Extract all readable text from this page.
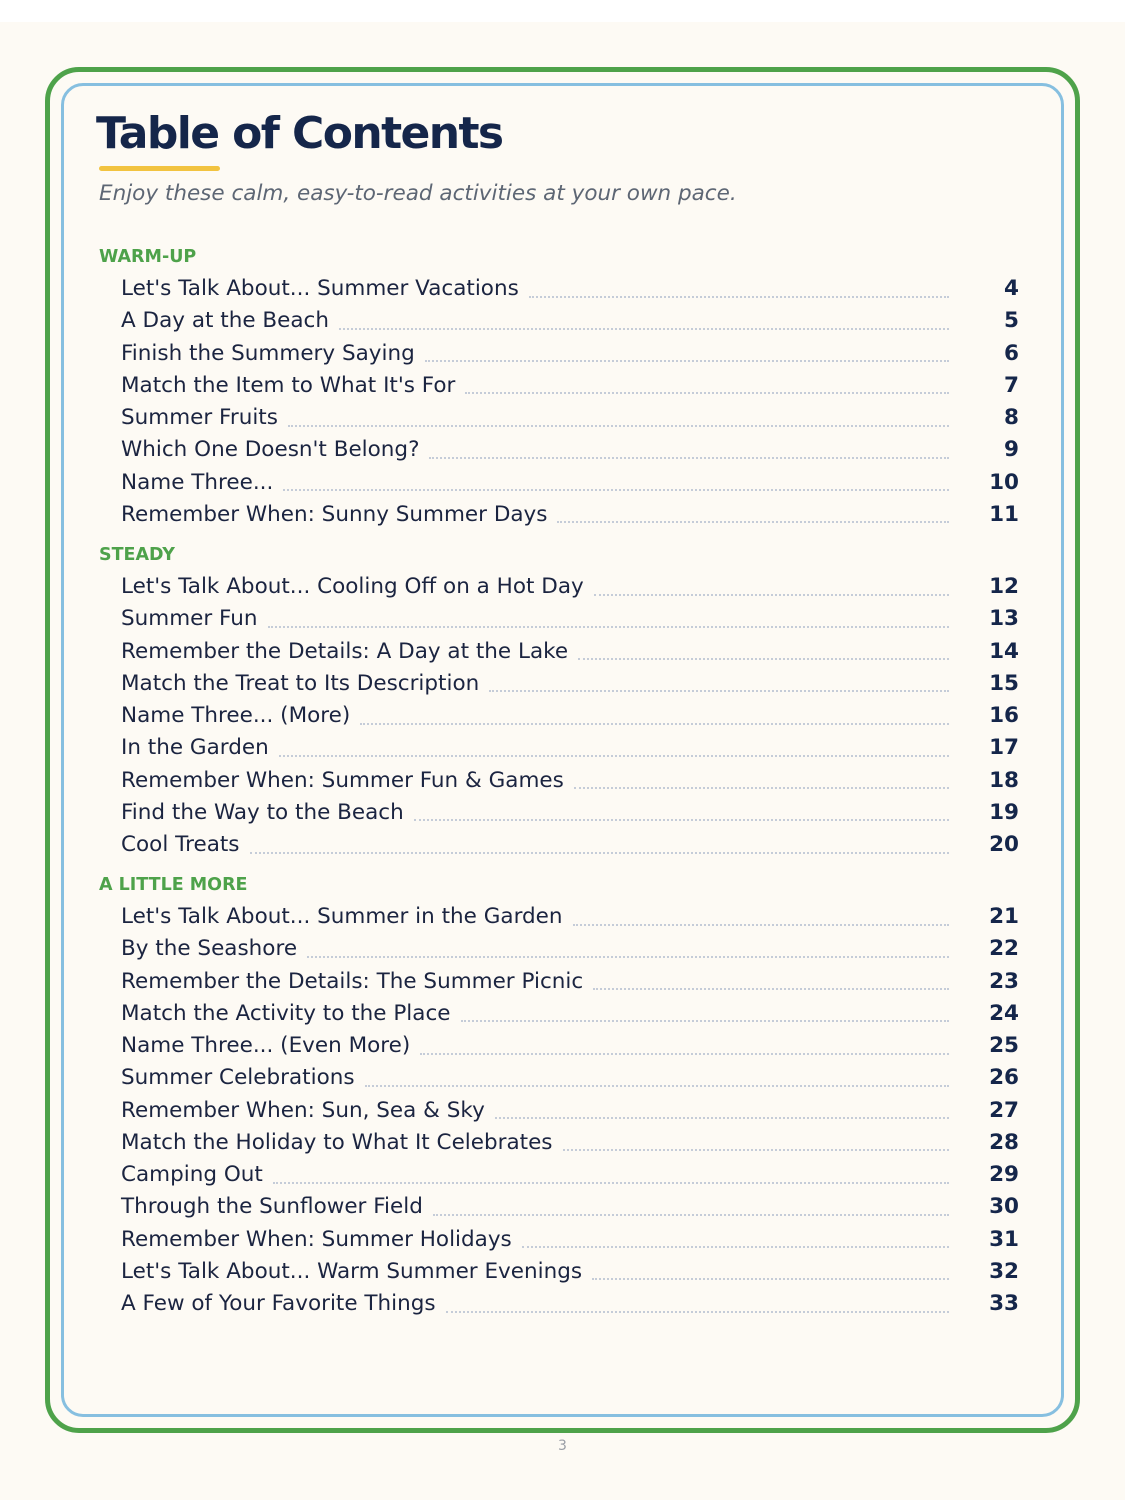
Table of Contents

Enjoy these calm, easy-to-read activities at your own pace.

WARM-UP
Let's Talk About... Summer Vacations	4
A Day at the Beach	5
Finish the Summery Saying	6
Match the Item to What It's For	7
Summer Fruits	8
Which One Doesn't Belong?	9
Name Three...	10
Remember When: Sunny Summer Days	11
STEADY
Let's Talk About... Cooling Off on a Hot Day	12
Summer Fun	13
Remember the Details: A Day at the Lake	14
Match the Treat to Its Description	15
Name Three... (More)	16
In the Garden	17
Remember When: Summer Fun & Games	18
Find the Way to the Beach	19
Cool Treats	20
A LITTLE MORE
Let's Talk About... Summer in the Garden	21
By the Seashore	22
Remember the Details: The Summer Picnic	23
Match the Activity to the Place	24
Name Three... (Even More)	25
Summer Celebrations	26
Remember When: Sun, Sea & Sky	27
Match the Holiday to What It Celebrates	28
Camping Out	29
Through the Sunflower Field	30
Remember When: Summer Holidays	31
Let's Talk About... Warm Summer Evenings	32
A Few of Your Favorite Things	33
3
